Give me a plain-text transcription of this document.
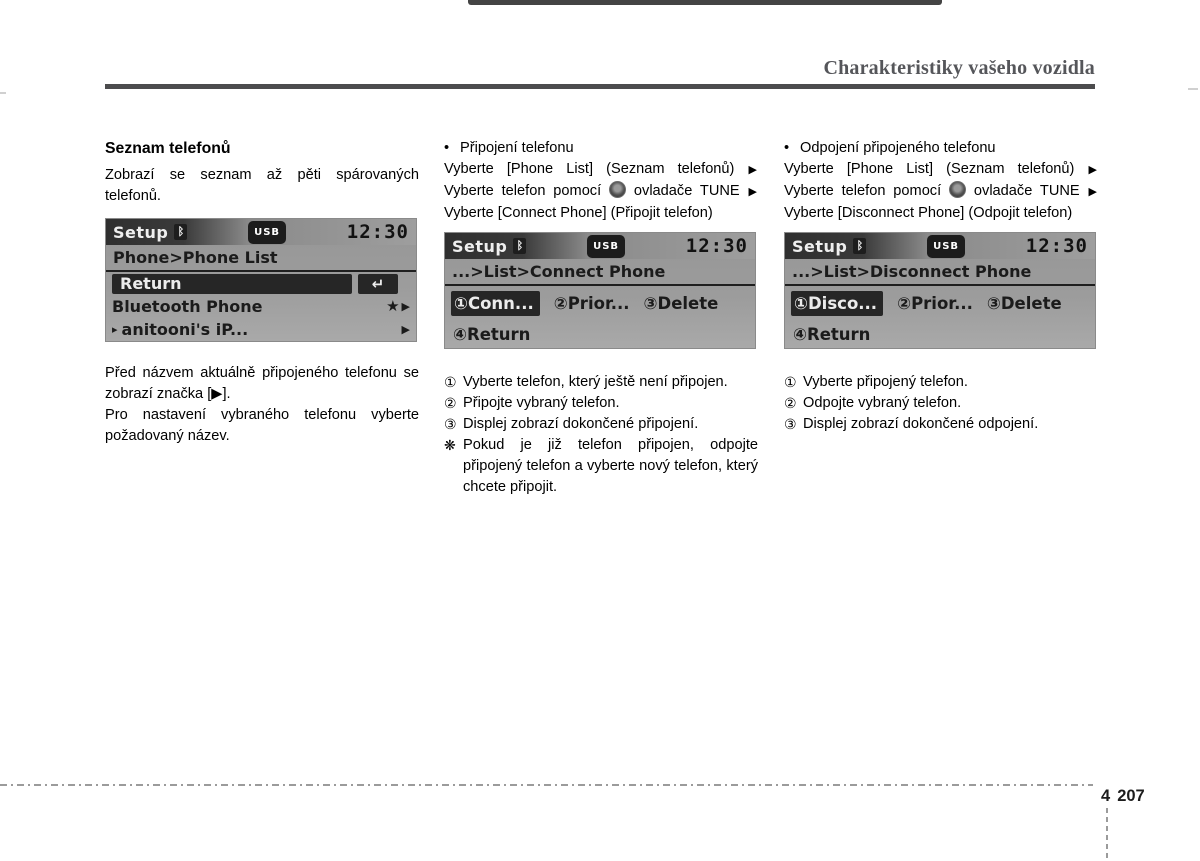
Charakteristiky vašeho vozidla
Seznam telefonů

Zobrazí se seznam až pěti spárovaných telefonů.

Setup ᛒ	USB	12:30
Phone>Phone List
Return	↵
Bluetooth Phone	★ ▶
▸ anitooni's iP...	▶

Před názvem aktuálně připojeného telefonu se zobrazí značka [▶].

Pro nastavení vybraného telefonu vyberte požadovaný název.

• Připojení telefonu

Vyberte [Phone List] (Seznam telefonů) ▶ Vyberte telefon pomocí ovladače TUNE ▶ Vyberte [Connect Phone] (Připojit telefon)

Setup ᛒ	USB	12:30
...>List>Connect Phone
① Conn... ② Prior... ③ Delete
④ Return
① Vyberte telefon, který ještě není připojen.
② Připojte vybraný telefon.
③ Displej zobrazí dokončené připojení.
❋ Pokud je již telefon připojen, odpojte připojený telefon a vyberte nový telefon, který chcete připojit.
• Odpojení připojeného telefonu

Vyberte [Phone List] (Seznam telefonů) ▶ Vyberte telefon pomocí ovladače TUNE ▶ Vyberte [Disconnect Phone] (Odpojit telefon)

Setup ᛒ	USB	12:30
...>List>Disconnect Phone
① Disco... ② Prior... ③ Delete
④ Return
① Vyberte připojený telefon.
② Odpojte vybraný telefon.
③ Displej zobrazí dokončené odpojení.
4 207
